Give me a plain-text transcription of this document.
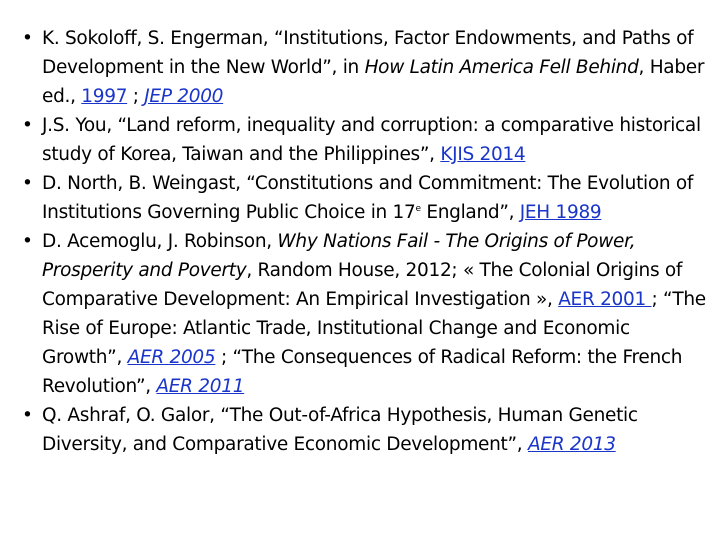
• K. Sokoloff, S. Engerman, “Institutions, Factor Endowments, and Paths of Development in the New World”, in How Latin America Fell Behind, Haber ed., 1997 ; JEP 2000
• J.S. You, “Land reform, inequality and corruption: a comparative historical study of Korea, Taiwan and the Philippines”, KJIS 2014
• D. North, B. Weingast, “Constitutions and Commitment: The Evolution of Institutions Governing Public Choice in 17e England”, JEH 1989
• D. Acemoglu, J. Robinson, Why Nations Fail - The Origins of Power, Prosperity and Poverty, Random House, 2012; « The Colonial Origins of Comparative Development: An Empirical Investigation », AER 2001 ; “The Rise of Europe: Atlantic Trade, Institutional Change and Economic Growth”, AER 2005 ; “The Consequences of Radical Reform: the French Revolution”, AER 2011
• Q. Ashraf, O. Galor, “The Out-of-Africa Hypothesis, Human Genetic Diversity, and Comparative Economic Development”, AER 2013
